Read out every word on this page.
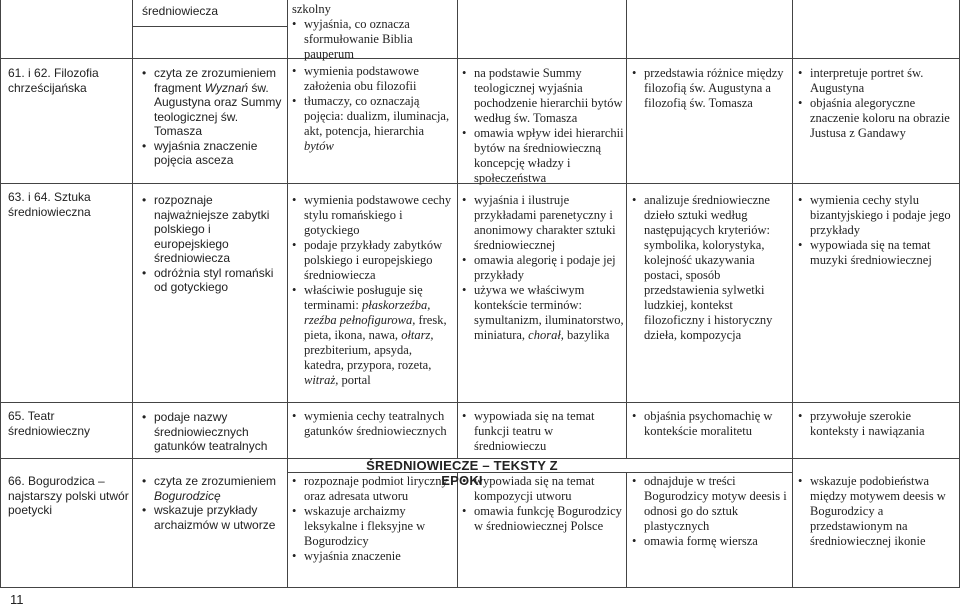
61. i 62. Filozofia chrześcijańska
63. i 64. Sztuka średniowieczna
65. Teatr średniowieczny
66. Bogurodzica – najstarszy polski utwór poetycki
średniowiecza
• czyta ze zrozumieniem fragment Wyznań św. Augustyna oraz Summy teologicznej św. Tomasza
• wyjaśnia znaczenie pojęcia asceza
• rozpoznaje najważniejsze zabytki polskiego i europejskiego średniowiecza
• odróżnia styl romański od gotyckiego
• podaje nazwy średniowiecznych gatunków teatralnych
• czyta ze zrozumieniem
Bogurodzicę
• wskazuje przykłady archaizmów w utworze
szkolny
• wyjaśnia, co oznacza sformułowanie Biblia pauperum
• wymienia podstawowe założenia obu filozofii
• tłumaczy, co oznaczają pojęcia: dualizm, iluminacja, akt, potencja, hierarchia bytów
• wymienia podstawowe cechy stylu romańskiego i gotyckiego
• podaje przykłady zabytków polskiego i europejskiego średniowiecza
• właściwie posługuje się terminami: płaskorzeźba, rzeźba pełnofigurowa, fresk, pieta, ikona, nawa, ołtarz, prezbiterium, apsyda, katedra, przypora, rozeta, witraż, portal
• wymienia cechy teatralnych gatunków średniowiecznych
• rozpoznaje podmiot liryczny oraz adresata utworu
• wskazuje archaizmy leksykalne i fleksyjne w Bogurodzicy
• wyjaśnia znaczenie
ŚREDNIOWIECZE – TEKSTY Z EPOKI
• na podstawie Summy teologicznej wyjaśnia pochodzenie hierarchii bytów według św. Tomasza
• omawia wpływ idei hierarchii bytów na średniowieczną koncepcję władzy i społeczeństwa
• wyjaśnia i ilustruje przykładami parenetyczny i anonimowy charakter sztuki średniowiecznej
• omawia alegorię i podaje jej przykłady
• używa we właściwym kontekście terminów: symultanizm, iluminatorstwo, miniatura, chorał, bazylika
• wypowiada się na temat funkcji teatru w średniowieczu
• wypowiada się na temat kompozycji utworu
• omawia funkcję Bogurodzicy w średniowiecznej Polsce
• przedstawia różnice między filozofią św. Augustyna a filozofią św. Tomasza
• analizuje średniowieczne dzieło sztuki według następujących kryteriów: symbolika, kolorystyka, kolejność ukazywania postaci, sposób przedstawienia sylwetki ludzkiej, kontekst filozoficzny i historyczny dzieła, kompozycja
• objaśnia psychomachię w kontekście moralitetu
• odnajduje w treści Bogurodzicy motyw deesis i odnosi go do sztuk plastycznych
• omawia formę wiersza
• interpretuje portret św. Augustyna
• objaśnia alegoryczne znaczenie koloru na obrazie Justusa z Gandawy
• wymienia cechy stylu bizantyjskiego i podaje jego przykłady
• wypowiada się na temat muzyki średniowiecznej
• przywołuje szerokie konteksty i nawiązania
• wskazuje podobieństwa między motywem deesis w Bogurodzicy a przedstawionym na średniowiecznej ikonie
11
